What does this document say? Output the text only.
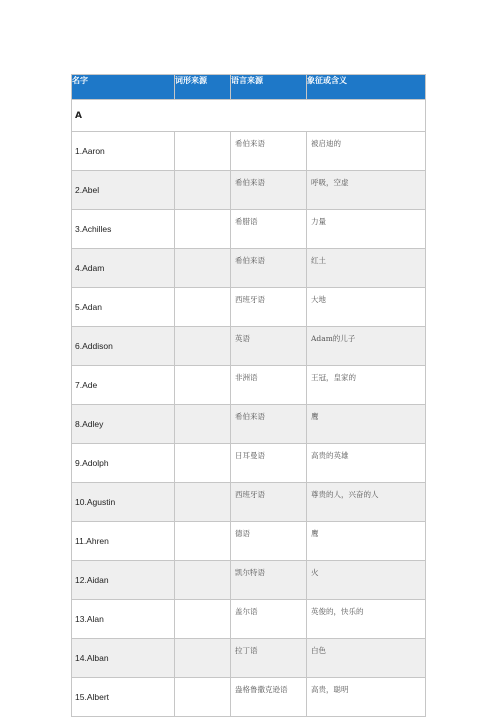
名字	词形来源	语言来源	象征或含义
A			
1.Aaron		希伯来语	被启迪的
2.Abel		希伯来语	呼吸，空虚
3.Achilles		希腊语	力量
4.Adam		希伯来语	红土
5.Adan		西班牙语	大地
6.Addison		英语	Adam的儿子
7.Ade		非洲语	王冠，皇家的
8.Adley		希伯来语	鹰
9.Adolph		日耳曼语	高贵的英雄
10.Agustin		西班牙语	尊贵的人，兴奋的人
11.Ahren		德语	鹰
12.Aidan		凯尔特语	火
13.Alan		盖尔语	英俊的，快乐的
14.Alban		拉丁语	白色
15.Albert		盎格鲁撒克逊语	高贵，聪明
